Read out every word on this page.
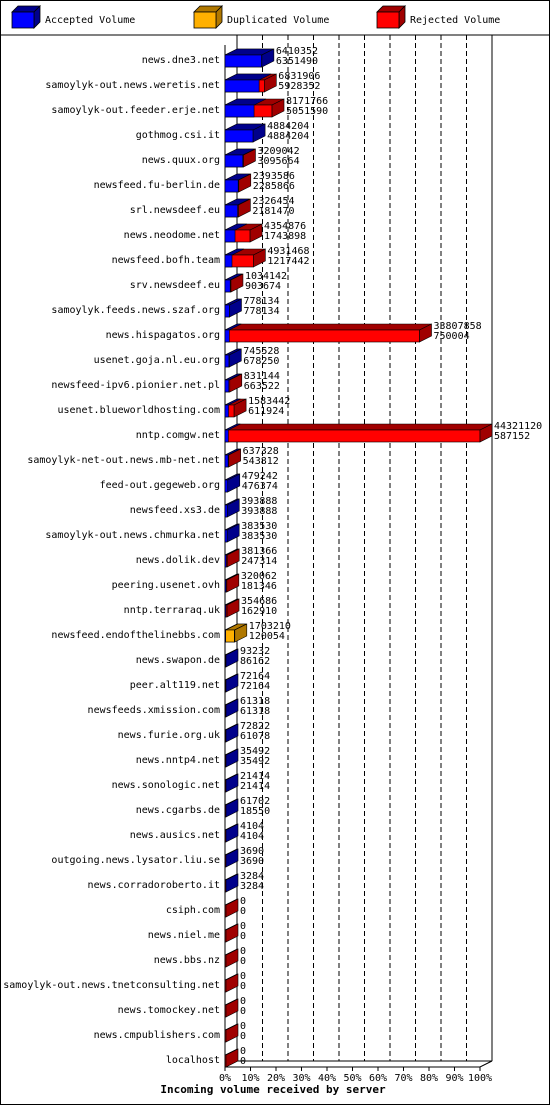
Accepted Volume	Duplicated Volume	Rejected Volume
0% 10% 20% 30% 40% 50% 60% 70% 80% 90% 100%
Incoming volume received by server
news.dne3.net
6410352
6351490
samoylyk-out.news.weretis.net
6831906
5928352
samoylyk-out.feeder.erje.net
8171766
5051590
gothmog.csi.it
4884204
4884204
news.quux.org
3209042
3095664
newsfeed.fu-berlin.de
2393586
2285866
srl.newsdeef.eu
2326454
2181470
news.neodome.net
4354876
1743898
newsfeed.bofh.team
4931468
1217442
srv.newsdeef.eu
1034142
903674
samoylyk.feeds.news.szaf.org
778134
778134
news.hispagatos.org
33807858
750004
usenet.goja.nl.eu.org
745528
678250
newsfeed-ipv6.pionier.net.pl
831144
663522
usenet.blueworldhosting.com
1583442
611924
nntp.comgw.net
44321120
587152
samoylyk-net-out.news.mb-net.net
637328
543812
feed-out.gegeweb.org
479242
476374
newsfeed.xs3.de
393888
393888
samoylyk-out.news.chmurka.net
383530
383530
news.dolik.dev
381366
247314
peering.usenet.ovh
320062
181346
nntp.terraraq.uk
354686
162910
newsfeed.endofthelinebbs.com
1703210
120054
news.swapon.de
93232
86162
peer.alt119.net
72164
72164
newsfeeds.xmission.com
61318
61318
news.furie.org.uk
72822
61078
news.nntp4.net
35492
35492
news.sonologic.net
21414
21414
news.cgarbs.de
61702
18550
news.ausics.net
4104
4104
outgoing.news.lysator.liu.se
3690
3690
news.corradoroberto.it
3284
3284
csiph.com
0
0
news.niel.me
0
0
news.bbs.nz
0
0
samoylyk-out.news.tnetconsulting.net
0
0
news.tomockey.net
0
0
news.cmpublishers.com
0
0
localhost
0
0
